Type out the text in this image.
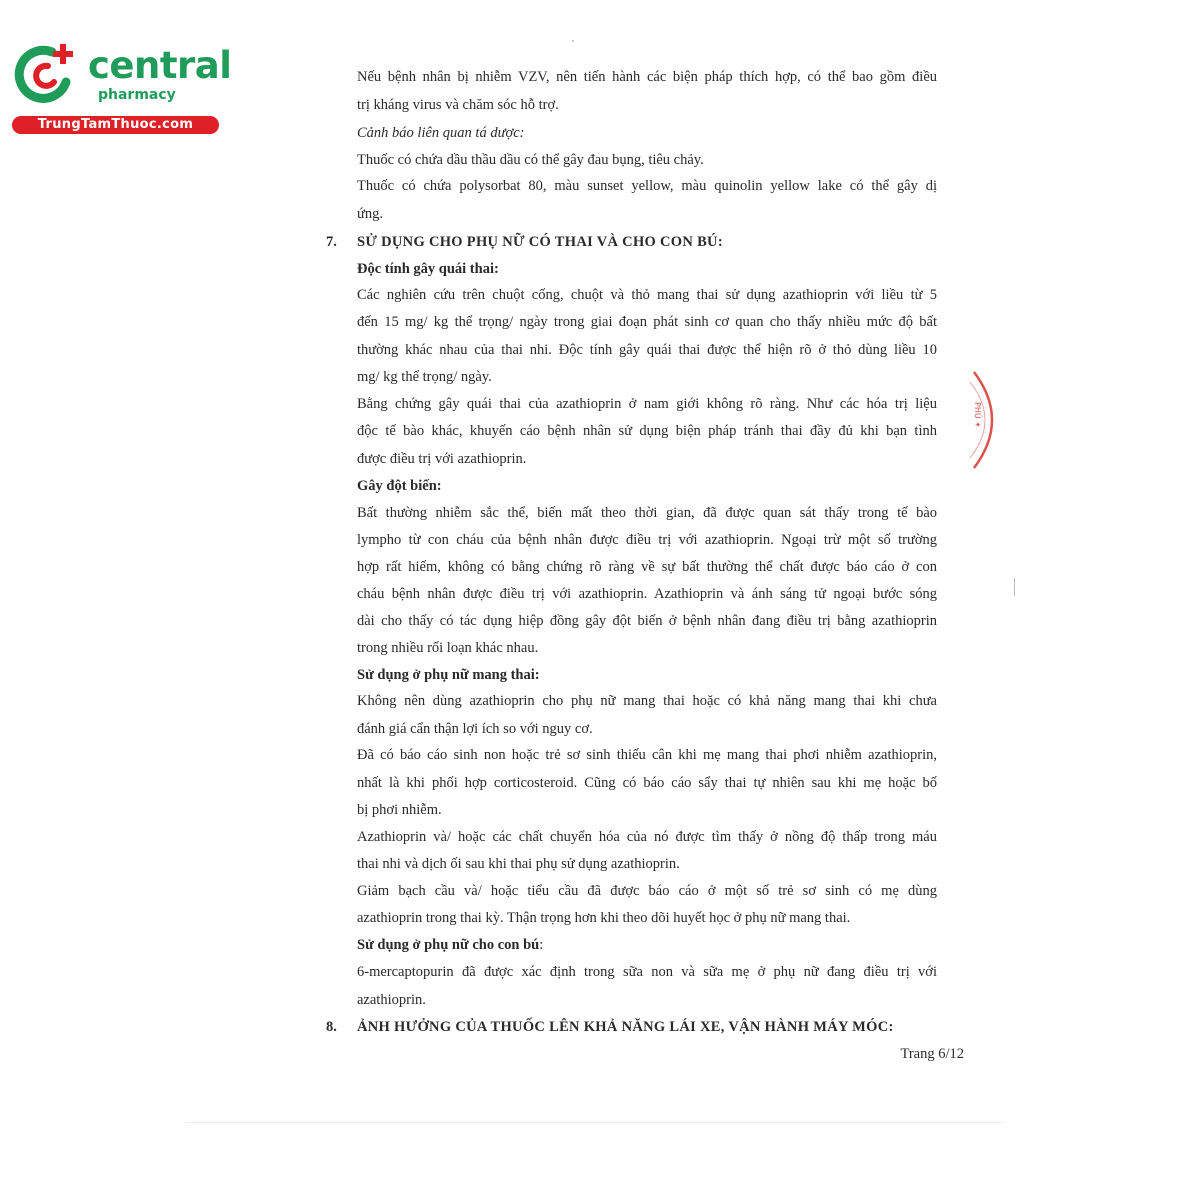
central
pharmacy
TrungTamThuoc.com
Nếu bệnh nhân bị nhiễm VZV, nên tiến hành các biện pháp thích hợp, có thể bao gồm điều
trị kháng virus và chăm sóc hỗ trợ.
Cảnh báo liên quan tá dược:
Thuốc có chứa dầu thầu dầu có thể gây đau bụng, tiêu chảy.
Thuốc có chứa polysorbat 80, màu sunset yellow, màu quinolin yellow lake có thể gây dị
ứng.
7. SỬ DỤNG CHO PHỤ NỮ CÓ THAI VÀ CHO CON BÚ:
Độc tính gây quái thai:
Các nghiên cứu trên chuột cống, chuột và thỏ mang thai sử dụng azathioprin với liều từ 5
đến 15 mg/ kg thể trọng/ ngày trong giai đoạn phát sinh cơ quan cho thấy nhiều mức độ bất
thường khác nhau của thai nhi. Độc tính gây quái thai được thể hiện rõ ở thỏ dùng liều 10
mg/ kg thể trọng/ ngày.
Bằng chứng gây quái thai của azathioprin ở nam giới không rõ ràng. Như các hóa trị liệu
độc tế bào khác, khuyến cáo bệnh nhân sử dụng biện pháp tránh thai đầy đủ khi bạn tình
được điều trị với azathioprin.
Gây đột biến:
Bất thường nhiễm sắc thể, biến mất theo thời gian, đã được quan sát thấy trong tế bào
lympho từ con cháu của bệnh nhân được điều trị với azathioprin. Ngoại trừ một số trường
hợp rất hiếm, không có bằng chứng rõ ràng về sự bất thường thể chất được báo cáo ở con
cháu bệnh nhân được điều trị với azathioprin. Azathioprin và ánh sáng tử ngoại bước sóng
dài cho thấy có tác dụng hiệp đồng gây đột biến ở bệnh nhân đang điều trị bằng azathioprin
trong nhiều rối loạn khác nhau.
Sử dụng ở phụ nữ mang thai:
Không nên dùng azathioprin cho phụ nữ mang thai hoặc có khả năng mang thai khi chưa
đánh giá cẩn thận lợi ích so với nguy cơ.
Đã có báo cáo sinh non hoặc trẻ sơ sinh thiếu cân khi mẹ mang thai phơi nhiễm azathioprin,
nhất là khi phối hợp corticosteroid. Cũng có báo cáo sẩy thai tự nhiên sau khi mẹ hoặc bố
bị phơi nhiễm.
Azathioprin và/ hoặc các chất chuyển hóa của nó được tìm thấy ở nồng độ thấp trong máu
thai nhi và dịch ối sau khi thai phụ sử dụng azathioprin.
Giảm bạch cầu và/ hoặc tiểu cầu đã được báo cáo ở một số trẻ sơ sinh có mẹ dùng
azathioprin trong thai kỳ. Thận trọng hơn khi theo dõi huyết học ở phụ nữ mang thai.
Sử dụng ở phụ nữ cho con bú:
6-mercaptopurin đã được xác định trong sữa non và sữa mẹ ở phụ nữ đang điều trị với
azathioprin.
8. ẢNH HƯỞNG CỦA THUỐC LÊN KHẢ NĂNG LÁI XE, VẬN HÀNH MÁY MÓC:
Trang 6/12
PHÚ ✶
